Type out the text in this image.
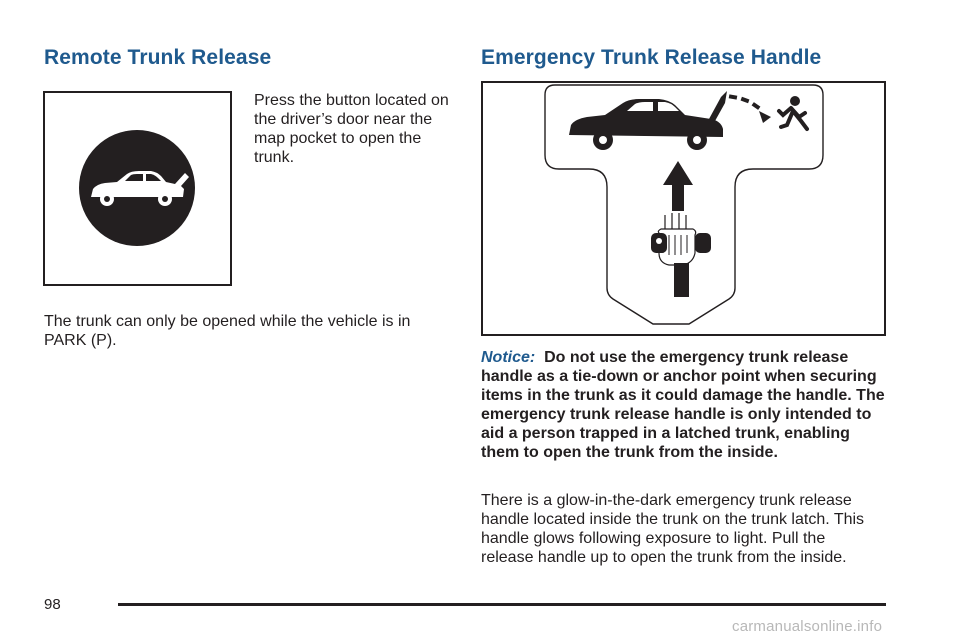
Remote Trunk Release

Press the button located on the driver’s door near the map pocket to open the trunk.

The trunk can only be opened while the vehicle is in PARK (P).

Emergency Trunk Release Handle

Notice: Do not use the emergency trunk release handle as a tie-down or anchor point when securing items in the trunk as it could damage the handle. The emergency trunk release handle is only intended to aid a person trapped in a latched trunk, enabling them to open the trunk from the inside.

There is a glow-in-the-dark emergency trunk release handle located inside the trunk on the trunk latch. This handle glows following exposure to light. Pull the release handle up to open the trunk from the inside.

98
carmanualsonline.info
